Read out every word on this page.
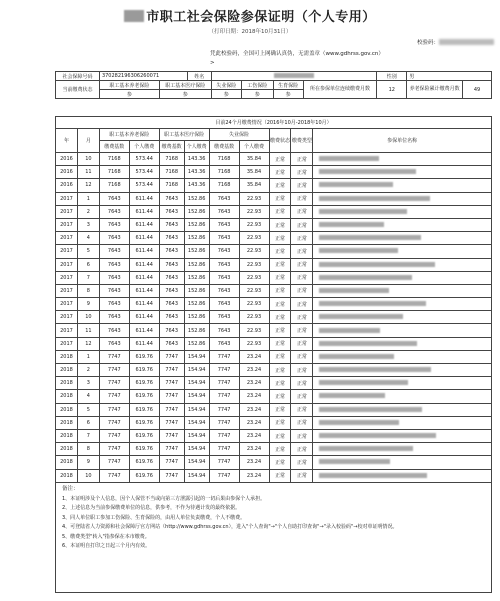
市职工社会保险参保证明（个人专用）
（打印日期：2018年10月31日）
校验码：
凭此校验码，全国可上网确认真伪，无需盖章（www.gdhrss.gov.cn）
>
社会保障号码	370282196306260071		姓名					性别	男	
当前缴费状态	职工基本养老保险	职工基本医疗保险		失业保险	工伤保险	生育保险	所在参保单位连续缴费月数	12	养老保险累计缴费月数	49
	参	参		参	参	参				
目前24个月缴费情况（2016年10月-2018年10月）										
年	月	职工基本养老保险		职工基本医疗保险		失业保险		缴费状态	缴费类型	参保单位名称
		缴费基数	个人缴费	缴费基数	个人缴费	缴费基数	个人缴费			
2016	10	7168	573.44	7168	143.36	7168	35.84	正常	正常	
2016	11	7168	573.44	7168	143.36	7168	35.84	正常	正常	
2016	12	7168	573.44	7168	143.36	7168	35.84	正常	正常	
2017	1	7643	611.44	7643	152.86	7643	22.93	正常	正常	
2017	2	7643	611.44	7643	152.86	7643	22.93	正常	正常	
2017	3	7643	611.44	7643	152.86	7643	22.93	正常	正常	
2017	4	7643	611.44	7643	152.86	7643	22.93	正常	正常	
2017	5	7643	611.44	7643	152.86	7643	22.93	正常	正常	
2017	6	7643	611.44	7643	152.86	7643	22.93	正常	正常	
2017	7	7643	611.44	7643	152.86	7643	22.93	正常	正常	
2017	8	7643	611.44	7643	152.86	7643	22.93	正常	正常	
2017	9	7643	611.44	7643	152.86	7643	22.93	正常	正常	
2017	10	7643	611.44	7643	152.86	7643	22.93	正常	正常	
2017	11	7643	611.44	7643	152.86	7643	22.93	正常	正常	
2017	12	7643	611.44	7643	152.86	7643	22.93	正常	正常	
2018	1	7747	619.76	7747	154.94	7747	23.24	正常	正常	
2018	2	7747	619.76	7747	154.94	7747	23.24	正常	正常	
2018	3	7747	619.76	7747	154.94	7747	23.24	正常	正常	
2018	4	7747	619.76	7747	154.94	7747	23.24	正常	正常	
2018	5	7747	619.76	7747	154.94	7747	23.24	正常	正常	
2018	6	7747	619.76	7747	154.94	7747	23.24	正常	正常	
2018	7	7747	619.76	7747	154.94	7747	23.24	正常	正常	
2018	8	7747	619.76	7747	154.94	7747	23.24	正常	正常	
2018	9	7747	619.76	7747	154.94	7747	23.24	正常	正常	
2018	10	7747	619.76	7747	154.94	7747	23.24	正常	正常	
备注：
1、本证明涉及个人信息，因个人保管不当或向第三方泄露引起的一切后果由参保个人承担。
2、上述信息为当前参保缴费单位的信息，供参考，不作为待遇计发的最终依据。
3、同人单位职工参加工伤保险、生育保险的，由用人单位负责缴费，个人不缴费。
4、可登陆省人力资源和社会保障厅官方网站（http://www.gdhrss.gov.cn），进入"个人查询"→"个人自助打印查询"→"录入校验码"→校对单证明情况。
5、缴费类型"转入"指参保在本市缴费。
6、本证明自打印之日起三个月内有效。
